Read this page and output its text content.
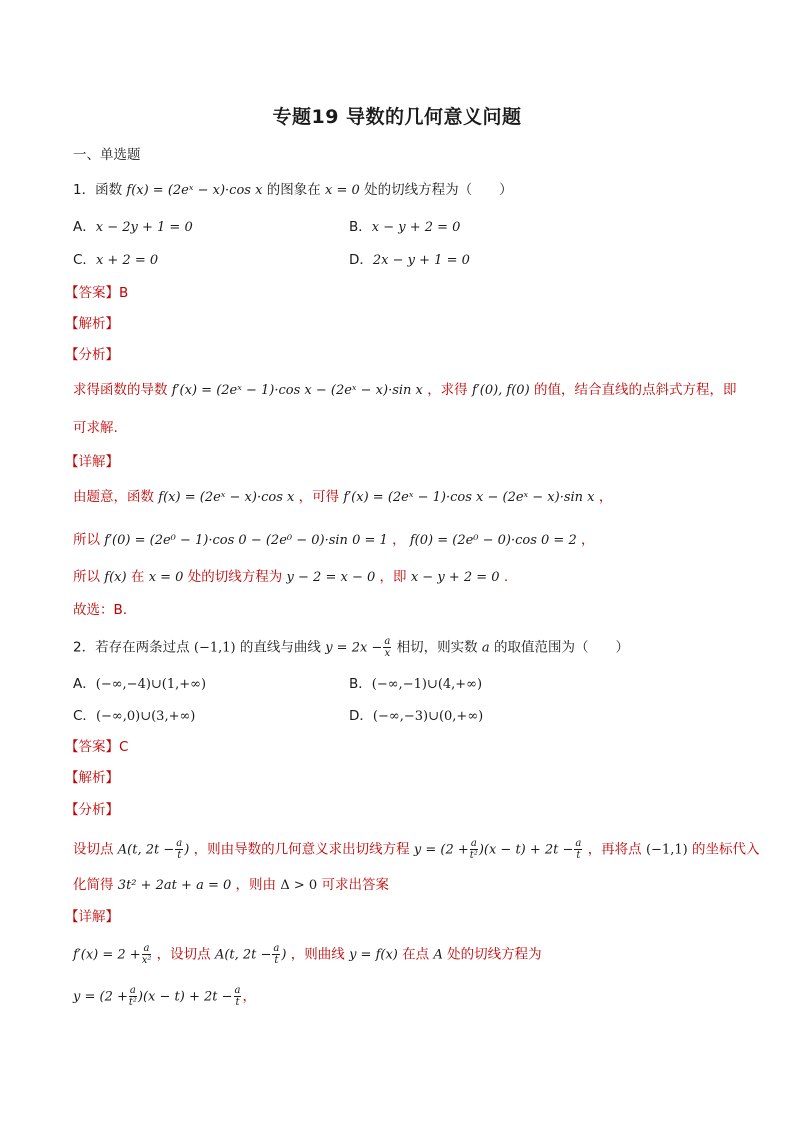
专题19 导数的几何意义问题
一、单选题
1．函数 f(x) = (2eˣ − x)·cos x 的图象在 x = 0 处的切线方程为（　　）
A．x − 2y + 1 = 0	B．x − y + 2 = 0
C．x + 2 = 0	D．2x − y + 1 = 0
【答案】B
【解析】
【分析】
求得函数的导数 f′(x) = (2eˣ − 1)·cos x − (2eˣ − x)·sin x ，求得 f′(0), f(0) 的值，结合直线的点斜式方程，即
可求解.
【详解】
由题意，函数 f(x) = (2eˣ − x)·cos x ，可得 f′(x) = (2eˣ − 1)·cos x − (2eˣ − x)·sin x ，
所以 f′(0) = (2e⁰ − 1)·cos 0 − (2e⁰ − 0)·sin 0 = 1 ， f(0) = (2e⁰ − 0)·cos 0 = 2 ，
所以 f(x) 在 x = 0 处的切线方程为 y − 2 = x − 0 ，即 x − y + 2 = 0 .
故选：B.
2．若存在两条过点 (−1,1) 的直线与曲线 $y = 2x - \frac{a}{x}$ 相切，则实数 a 的取值范围为（　　）
A．(−∞,−4)∪(1,+∞)	B．(−∞,−1)∪(4,+∞)
C．(−∞,0)∪(3,+∞)	D．(−∞,−3)∪(0,+∞)
【答案】C
【解析】
【分析】
设切点 A(t, $2t - \frac{a}{t}$ ) ，则由导数的几何意义求出切线方程 $y = (2 + \frac{a}{\text{t²}} )(x - t) + 2t - \frac{a}{t}$ ，再将点 (−1,1) 的坐标代入
化简得 3t² + 2at + a = 0 ，则由 Δ > 0 可求出答案
【详解】
$f'(x) = 2 + \frac{a}{\text{x²}}$ ，设切点 A(t, $2t - \frac{a}{t}$ ) ，则曲线 y = f(x) 在点 A 处的切线方程为
$y = (2 + \frac{a}{\text{t²}} )(x - t) + 2t - \frac{a}{t}$ ，
